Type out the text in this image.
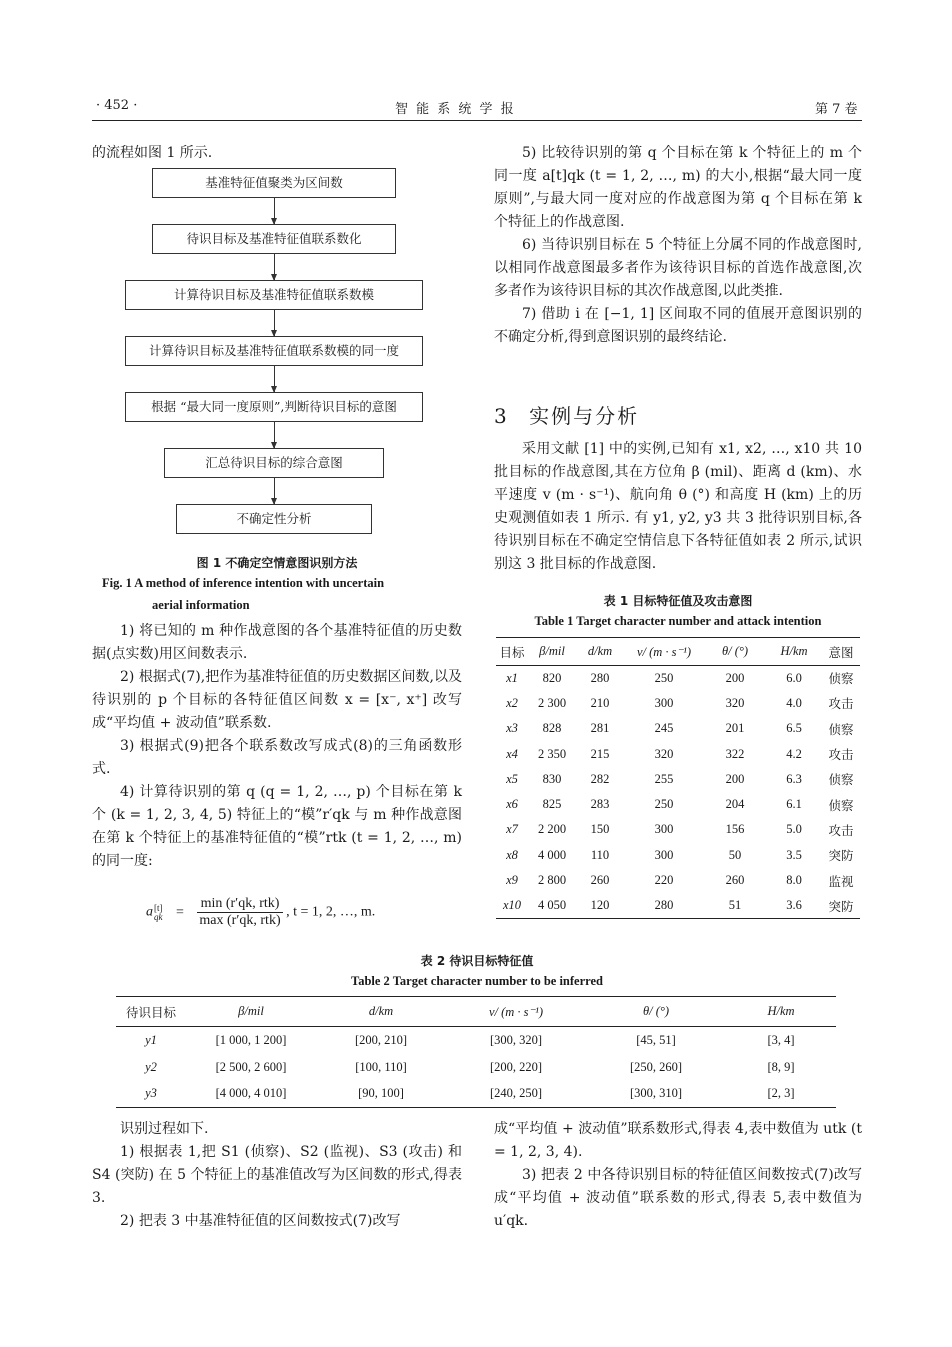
· 452 ·	智 能 系 统 学 报	第 7 卷
的流程如图 1 所示.
基准特征值聚类为区间数
待识目标及基准特征值联系数化
计算待识目标及基准特征值联系数模
计算待识目标及基准特征值联系数模的同一度
根据 “最大同一度原则”,判断待识目标的意图
汇总待识目标的综合意图
不确定性分析
图 1 不确定空情意图识别方法
Fig. 1 A method of inference intention with uncertain
aerial information

1) 将已知的 m 种作战意图的各个基准特征值的历史数据(点实数)用区间数表示.

2) 根据式(7),把作为基准特征值的历史数据区间数,以及待识别的 p 个目标的各特征值区间数 x = [x⁻, x⁺] 改写成“平均值 + 波动值”联系数.

3) 根据式(9)把各个联系数改写成式(8)的三角函数形式.

4) 计算待识别的第 q (q = 1, 2, …, p) 个目标在第 k 个 (k = 1, 2, 3, 4, 5) 特征上的“模”r′qk 与 m 种作战意图在第 k 个特征上的基准特征值的“模”rtk (t = 1, 2, …, m) 的同一度:

a [t]
qk = $\frac{\text{min (r′qk, rtk)}}{\text{max (r′qk, rtk)}}$ , t = 1, 2, …, m.

5) 比较待识别的第 q 个目标在第 k 个特征上的 m 个同一度 a[t]qk (t = 1, 2, …, m) 的大小,根据“最大同一度原则”,与最大同一度对应的作战意图为第 q 个目标在第 k 个特征上的作战意图.

6) 当待识别目标在 5 个特征上分属不同的作战意图时,以相同作战意图最多者作为该待识目标的首选作战意图,次多者作为该待识目标的其次作战意图,以此类推.

7) 借助 i 在 [−1, 1] 区间取不同的值展开意图识别的不确定分析,得到意图识别的最终结论.

3 实例与分析
采用文献 [1] 中的实例,已知有 x1, x2, …, x10 共 10 批目标的作战意图,其在方位角 β (mil)、距离 d (km)、水平速度 v (m · s⁻¹)、航向角 θ (°) 和高度 H (km) 上的历史观测值如表 1 所示. 有 y1, y2, y3 共 3 批待识别目标,各待识别目标在不确定空情信息下各特征值如表 2 所示,试识别这 3 批目标的作战意图.
表 1 目标特征值及攻击意图
Table 1 Target character number and attack intention
目标	β/mil	d/km	v/ (m · s⁻¹)	θ/ (°)	H/km	意图
x1	820	280	250	200	6.0	侦察
x2	2 300	210	300	320	4.0	攻击
x3	828	281	245	201	6.5	侦察
x4	2 350	215	320	322	4.2	攻击
x5	830	282	255	200	6.3	侦察
x6	825	283	250	204	6.1	侦察
x7	2 200	150	300	156	5.0	攻击
x8	4 000	110	300	50	3.5	突防
x9	2 800	260	220	260	8.0	监视
x10	4 050	120	280	51	3.6	突防
表 2 待识目标特征值
Table 2 Target character number to be inferred
待识目标	β/mil	d/km	v/ (m · s⁻¹)	θ/ (°)	H/km
y1	[1 000, 1 200]	[200, 210]	[300, 320]	[45, 51]	[3, 4]
y2	[2 500, 2 600]	[100, 110]	[200, 220]	[250, 260]	[8, 9]
y3	[4 000, 4 010]	[90, 100]	[240, 250]	[300, 310]	[2, 3]

识别过程如下.

1) 根据表 1,把 S1 (侦察)、S2 (监视)、S3 (攻击) 和 S4 (突防) 在 5 个特征上的基准值改写为区间数的形式,得表 3.

2) 把表 3 中基准特征值的区间数按式(7)改写

成“平均值 + 波动值”联系数形式,得表 4,表中数值为 utk (t = 1, 2, 3, 4).

3) 把表 2 中各待识别目标的特征值区间数按式(7)改写成“平均值 + 波动值”联系数的形式,得表 5,表中数值为 u′qk.
